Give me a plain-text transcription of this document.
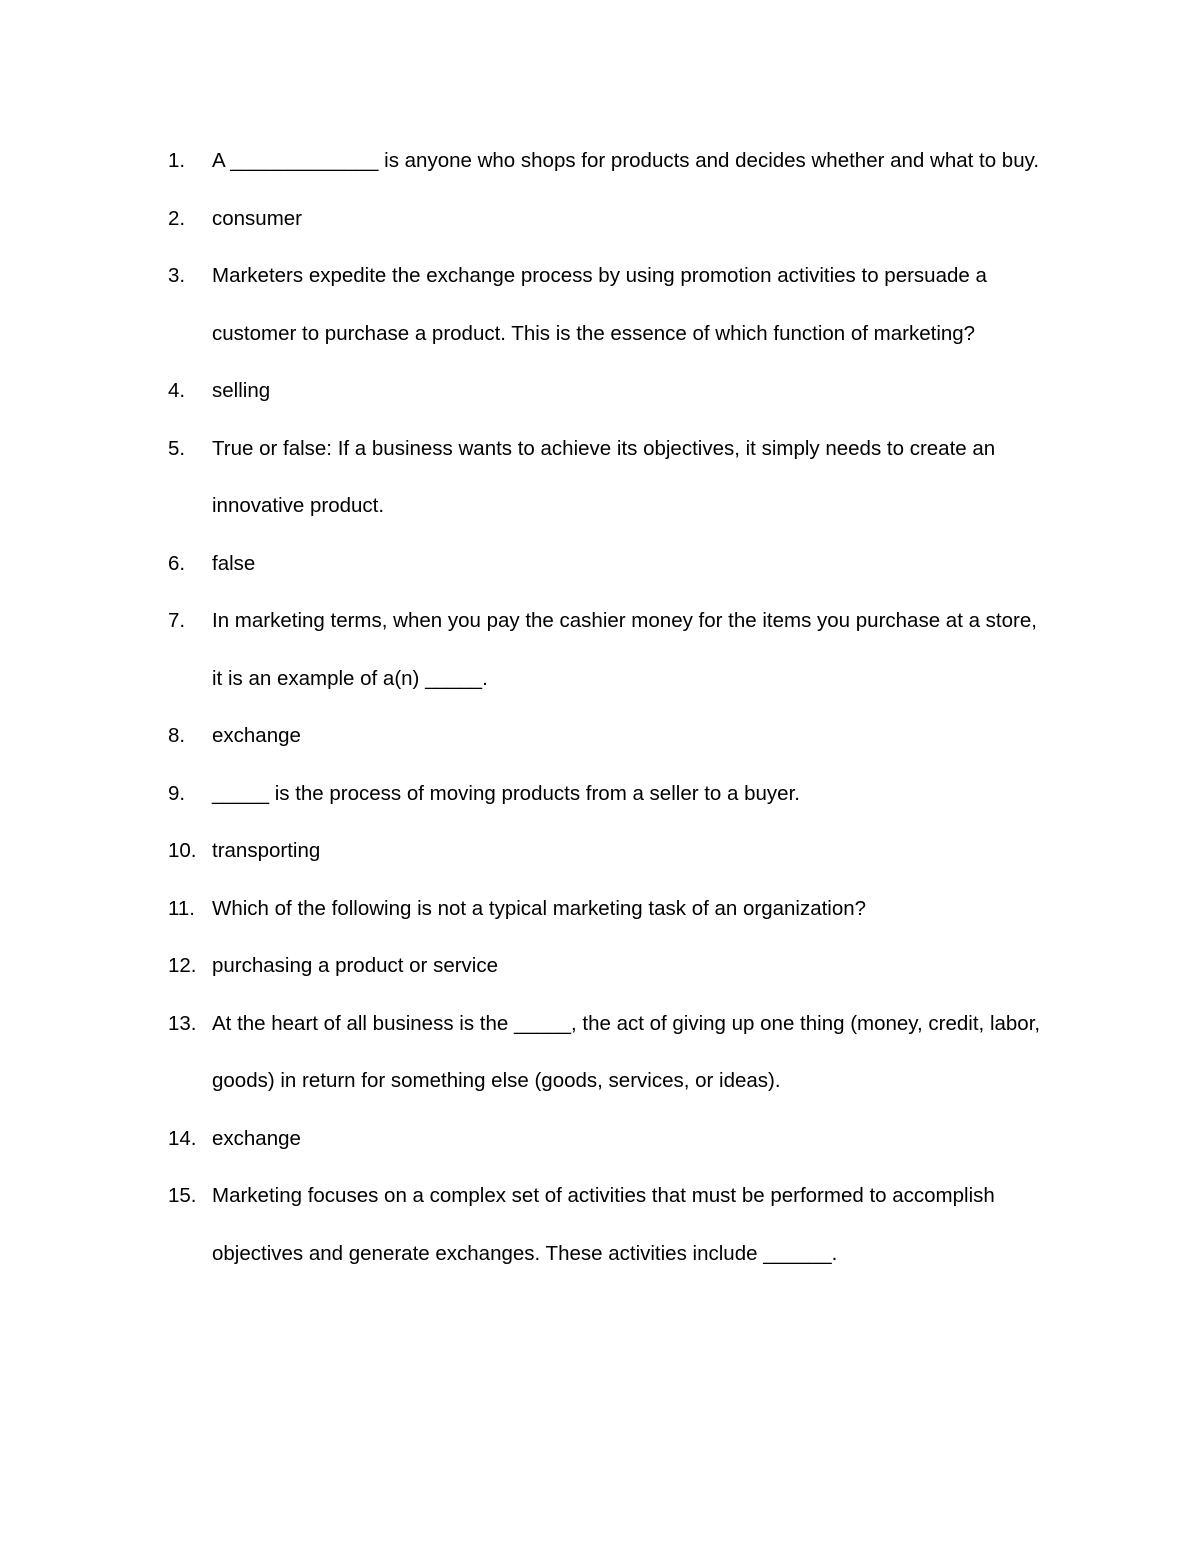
1.	A _____________ is anyone who shops for products and decides whether and what to buy.
2.	consumer
3.	Marketers expedite the exchange process by using promotion activities to persuade a customer to purchase a product. This is the essence of which function of marketing?
4.	selling
5.	True or false: If a business wants to achieve its objectives, it simply needs to create an innovative product.
6.	false
7.	In marketing terms, when you pay the cashier money for the items you purchase at a store, it is an example of a(n) _____.
8.	exchange
9.	_____ is the process of moving products from a seller to a buyer.
10. transporting
11. Which of the following is not a typical marketing task of an organization?
12. purchasing a product or service
13. At the heart of all business is the _____, the act of giving up one thing (money, credit, labor, goods) in return for something else (goods, services, or ideas).
14. exchange
15. Marketing focuses on a complex set of activities that must be performed to accomplish objectives and generate exchanges. These activities include ______.
